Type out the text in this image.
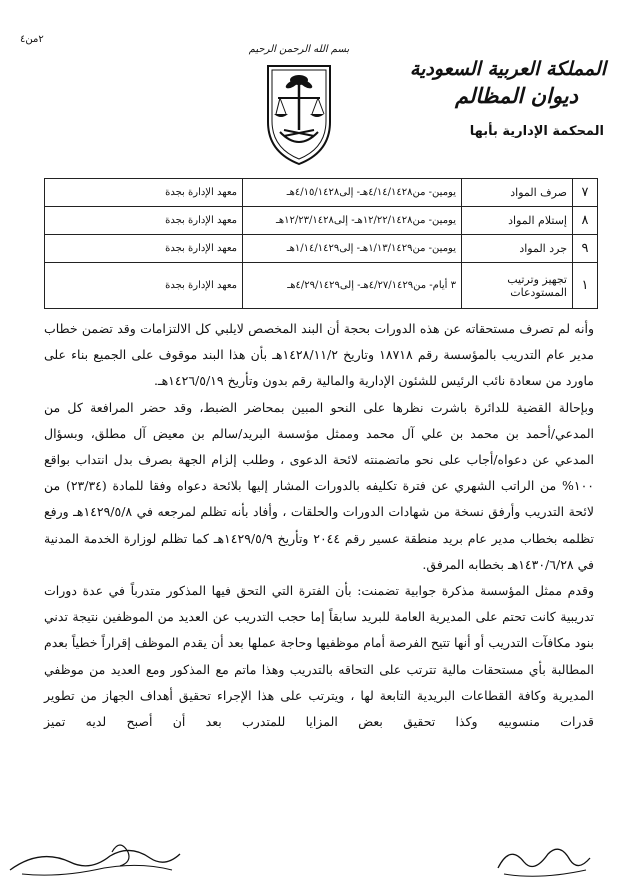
٢من٤
بسم الله الرحمن الرحيم
المملكة العربية السعودية
ديوان المظالم
المحكمة الإدارية بأبها
٧	صرف المواد	يومين- من٤/١٤/١٤٢٨هـ- إلى٤/١٥/١٤٢٨هـ	معهد الإدارة بجدة
٨	إستلام المواد	يومين- من١٢/٢٢/١٤٢٨هـ- إلى١٢/٢٣/١٤٢٨هـ	معهد الإدارة بجدة
٩	جرد المواد	يومين- من١/١٣/١٤٢٩هـ- إلى١/١٤/١٤٢٩هـ	معهد الإدارة بجدة
١	تجهيز وترتيب المستودعات	٣ أيام- من٤/٢٧/١٤٢٩هـ- إلى٤/٢٩/١٤٢٩هـ	معهد الإدارة بجدة

وأنه لم تصرف مستحقاته عن هذه الدورات بحجة أن البند المخصص لايلبي كل الالتزامات وقد تضمن خطاب مدير عام التدريب بالمؤسسة رقم ١٨٧١٨ وتاريخ ١٤٢٨/١١/٢هـ بأن هذا البند موقوف على الجميع بناء على ماورد من سعادة نائب الرئيس للشئون الإدارية والمالية رقم بدون وتأريخ ١٤٢٦/٥/١٩هـ.

وبإحالة القضية للدائرة باشرت نظرها على النحو المبين بمحاضر الضبط، وقد حضر المرافعة كل من المدعي/أحمد بن محمد بن علي آل محمد وممثل مؤسسة البريد/سالم بن معيض آل مطلق، وبسؤال المدعي عن دعواه/أجاب على نحو ماتضمنته لائحة الدعوى ، وطلب إلزام الجهة بصرف بدل انتداب بواقع ١٠٠% من الراتب الشهري عن فترة تكليفه بالدورات المشار إليها بلائحة دعواه وفقا للمادة (٢٣/٣٤) من لائحة التدريب وأرفق نسخة من شهادات الدورات والحلقات ، وأفاد بأنه تظلم لمرجعه في ١٤٢٩/٥/٨هـ ورفع تظلمه بخطاب مدير عام بريد منطقة عسير رقم ٢٠٤٤ وتأريخ ١٤٢٩/٥/٩هـ كما تظلم لوزارة الخدمة المدنية في ١٤٣٠/٦/٢٨هـ بخطابه المرفق.

وقدم ممثل المؤسسة مذكرة جوابية تضمنت: بأن الفترة التي التحق فيها المذكور متدرباً في عدة دورات تدريبية كانت تحتم على المديرية العامة للبريد سابقاً إما حجب التدريب عن العديد من الموظفين نتيجة تدني بنود مكافآت التدريب أو أنها تتيح الفرصة أمام موظفيها وحاجة عملها بعد أن يقدم الموظف إقراراً خطياً بعدم المطالبة بأي مستحقات مالية تترتب على التحاقه بالتدريب وهذا ماتم مع المذكور ومع العديد من موظفي المديرية وكافة القطاعات البريدية التابعة لها ، ويترتب على هذا الإجراء تحقيق أهداف الجهاز من تطوير قدرات منسوبيه وكذا تحقيق بعض المزايا للمتدرب بعد أن أصبح لديه تميز
